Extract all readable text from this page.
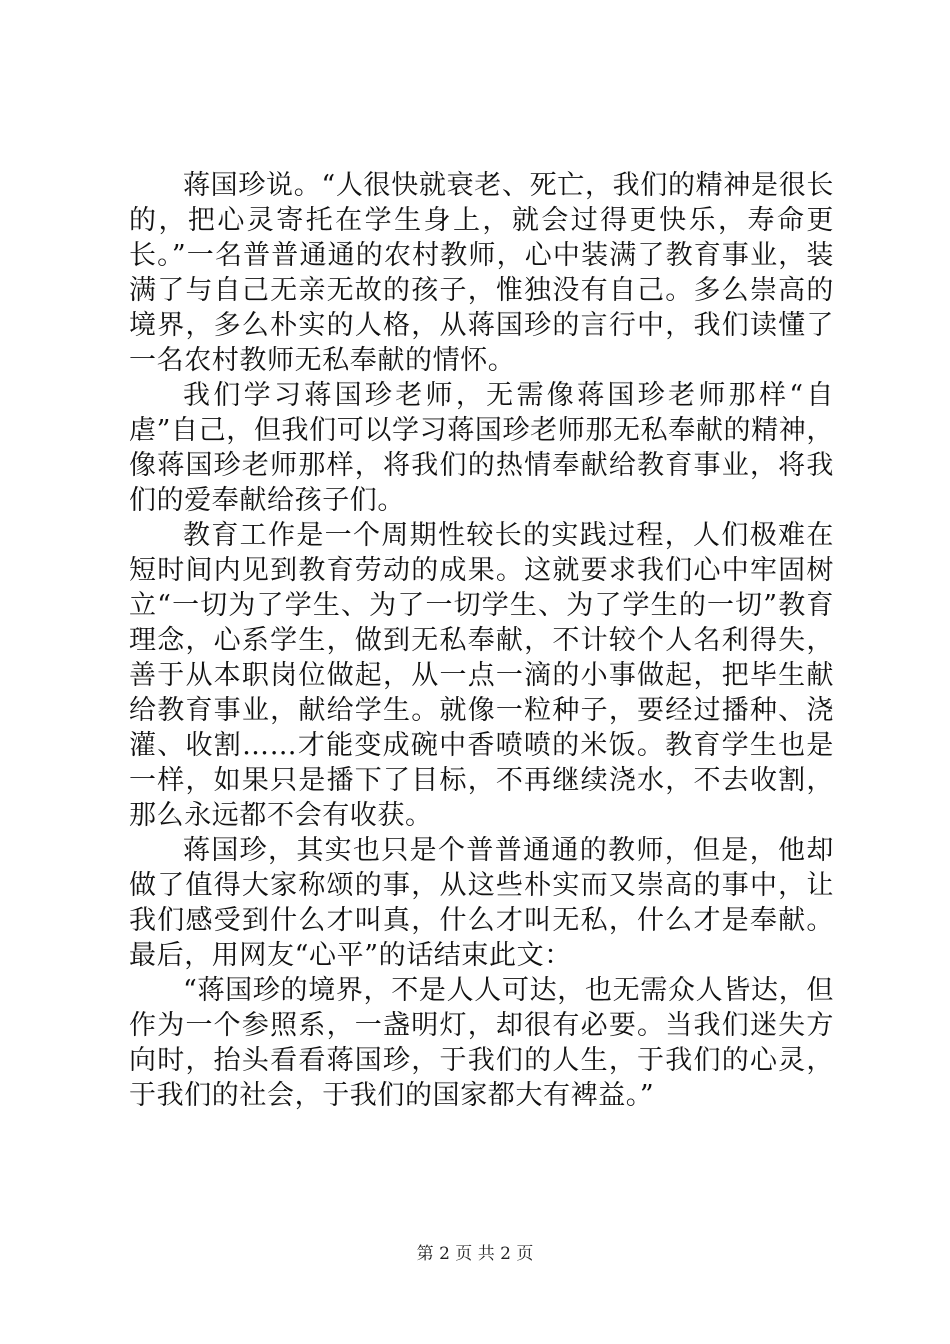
蒋国珍说。“人很快就衰老、死亡，我们的精神是很长的，把心灵寄托在学生身上，就会过得更快乐，寿命更长。”一名普普通通的农村教师，心中装满了教育事业，装满了与自己无亲无故的孩子，惟独没有自己。多么崇高的境界，多么朴实的人格，从蒋国珍的言行中，我们读懂了一名农村教师无私奉献的情怀。

我们学习蒋国珍老师，无需像蒋国珍老师那样“自虐”自己，但我们可以学习蒋国珍老师那无私奉献的精神，像蒋国珍老师那样，将我们的热情奉献给教育事业，将我们的爱奉献给孩子们。

教育工作是一个周期性较长的实践过程，人们极难在短时间内见到教育劳动的成果。这就要求我们心中牢固树立“一切为了学生、为了一切学生、为了学生的一切”教育理念，心系学生，做到无私奉献，不计较个人名利得失，善于从本职岗位做起，从一点一滴的小事做起，把毕生献给教育事业，献给学生。就像一粒种子，要经过播种、浇灌、收割……才能变成碗中香喷喷的米饭。教育学生也是一样，如果只是播下了目标，不再继续浇水，不去收割，那么永远都不会有收获。

蒋国珍，其实也只是个普普通通的教师，但是，他却做了值得大家称颂的事，从这些朴实而又崇高的事中，让我们感受到什么才叫真，什么才叫无私，什么才是奉献。最后，用网友“心平”的话结束此文：

“蒋国珍的境界，不是人人可达，也无需众人皆达，但作为一个参照系，一盏明灯，却很有必要。当我们迷失方向时，抬头看看蒋国珍，于我们的人生，于我们的心灵，于我们的社会，于我们的国家都大有裨益。”

第 2 页 共 2 页
